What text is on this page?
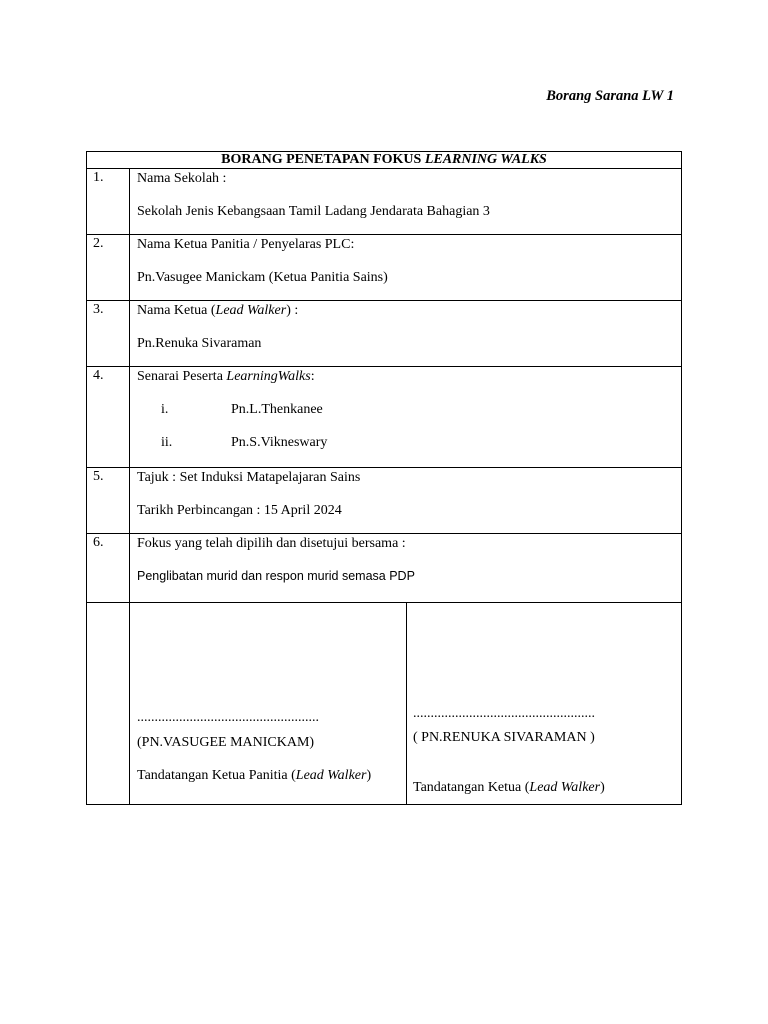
Borang Sarana LW 1
BORANG PENETAPAN FOKUS LEARNING WALKS
1.	Nama Sekolah :
Sekolah Jenis Kebangsaan Tamil Ladang Jendarata Bahagian 3
2.	Nama Ketua Panitia / Penyelaras PLC:
Pn.Vasugee Manickam (Ketua Panitia Sains)
3.	Nama Ketua (Lead Walker) :
Pn.Renuka Sivaraman
4.	Senarai Peserta LearningWalks:
i.	Pn.L.Thenkanee
ii.	Pn.S.Vikneswary
5.	Tajuk : Set Induksi Matapelajaran Sains
Tarikh Perbincangan : 15 April 2024
6.	Fokus yang telah dipilih dan disetujui bersama :
Penglibatan murid dan respon murid semasa PDP
....................................................
(PN.VASUGEE MANICKAM)
Tandatangan Ketua Panitia (Lead Walker)
....................................................
( PN.RENUKA SIVARAMAN )
Tandatangan Ketua (Lead Walker)
